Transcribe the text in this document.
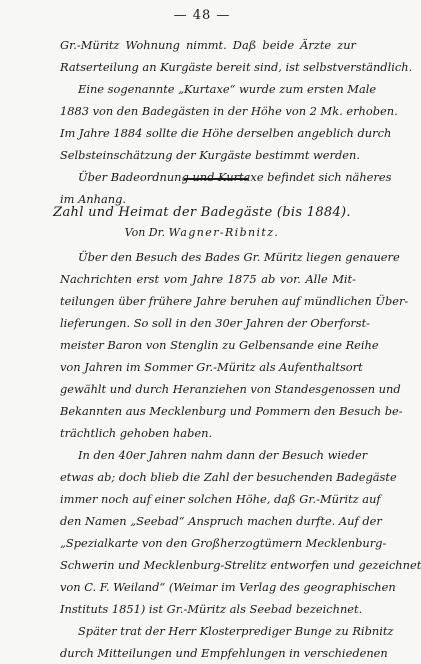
— 48 —
Gr.-Müritz Wohnung nimmt. Daß beide Ärzte zur
Ratserteilung an Kurgäste bereit sind, ist selbstverständlich.
Eine sogenannte „Kurtaxe“ wurde zum ersten Male
1883 von den Badegästen in der Höhe von 2 Mk. erhoben.
Im Jahre 1884 sollte die Höhe derselben angeblich durch
Selbsteinschätzung der Kurgäste bestimmt werden.
Über Badeordnung und Kurtaxe befindet sich näheres
im Anhang.
Zahl und Heimat der Badegäste (bis 1884).
Von Dr. Wagner-Ribnitz.
Über den Besuch des Bades Gr. Müritz liegen genauere
Nachrichten erst vom Jahre 1875 ab vor. Alle Mit-
teilungen über frühere Jahre beruhen auf mündlichen Über-
lieferungen. So soll in den 30er Jahren der Oberforst-
meister Baron von Stenglin zu Gelbensande eine Reihe
von Jahren im Sommer Gr.-Müritz als Aufenthaltsort
gewählt und durch Heranziehen von Standesgenossen und
Bekannten aus Mecklenburg und Pommern den Besuch be-
trächtlich gehoben haben.
In den 40er Jahren nahm dann der Besuch wieder
etwas ab; doch blieb die Zahl der besuchenden Badegäste
immer noch auf einer solchen Höhe, daß Gr.-Müritz auf
den Namen „Seebad“ Anspruch machen durfte. Auf der
„Spezialkarte von den Großherzogtümern Mecklenburg-
Schwerin und Mecklenburg-Strelitz entworfen und gezeichnet
von C. F. Weiland“ (Weimar im Verlag des geographischen
Instituts 1851) ist Gr.-Müritz als Seebad bezeichnet.
Später trat der Herr Klosterprediger Bunge zu Ribnitz
durch Mitteilungen und Empfehlungen in verschiedenen
